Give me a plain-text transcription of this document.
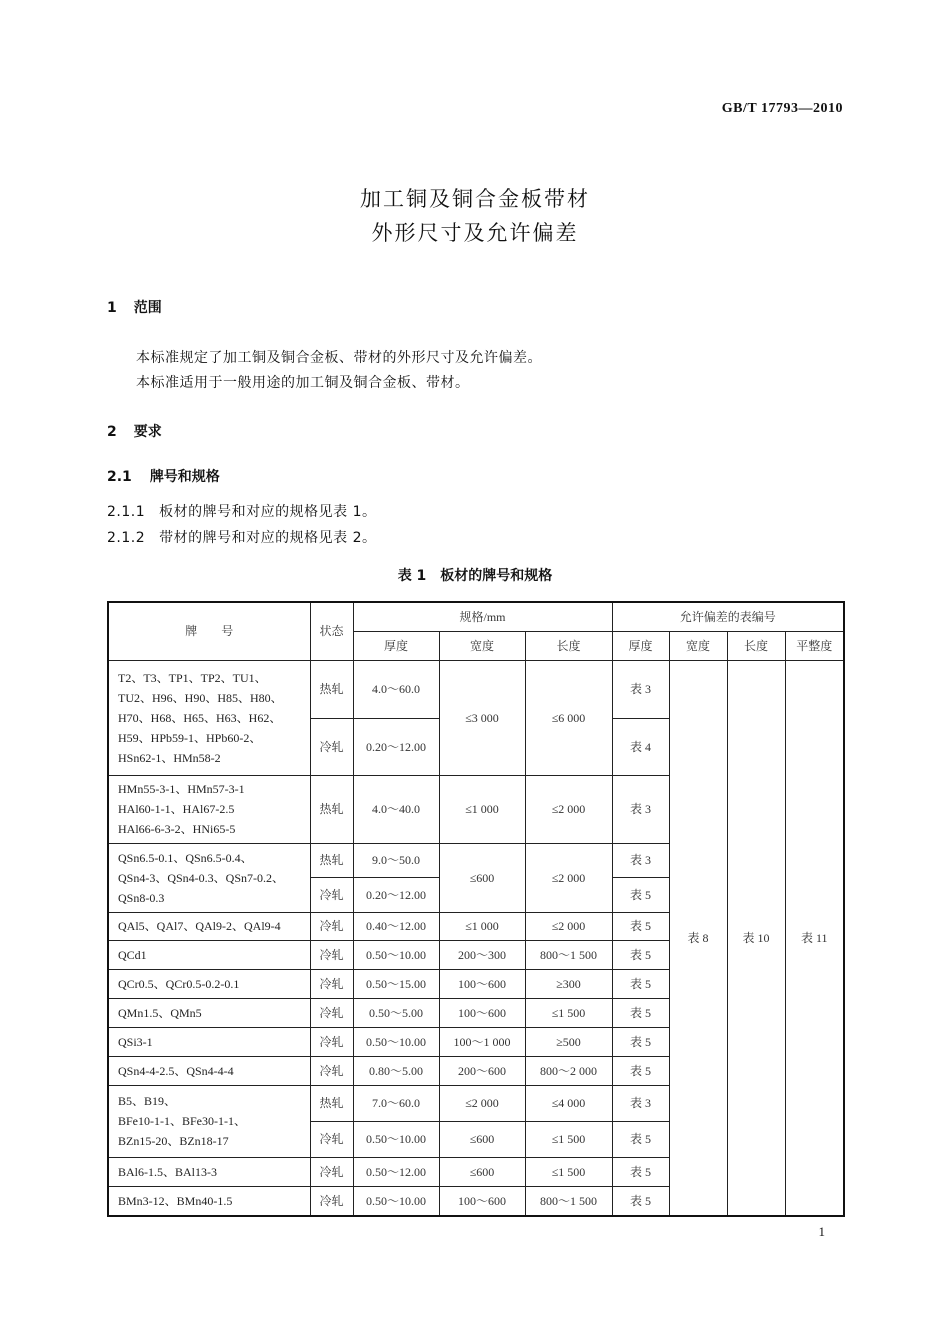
GB/T 17793—2010
加工铜及铜合金板带材
外形尺寸及允许偏差
1 范围
本标准规定了加工铜及铜合金板、带材的外形尺寸及允许偏差。
本标准适用于一般用途的加工铜及铜合金板、带材。
2 要求
2.1 牌号和规格
2.1.1 板材的牌号和对应的规格见表 1。
2.1.2 带材的牌号和对应的规格见表 2。
表 1　板材的牌号和规格
牌　　号	状态	规格/mm			允许偏差的表编号			
		厚度	宽度	长度	厚度	宽度	长度	平整度

T2、T3、TP1、TP2、TU1、
TU2、H96、H90、H85、H80、
H70、H68、H65、H63、H62、
H59、HPb59-1、HPb60-2、
HSn62-1、HMn58-2	热轧	4.0～60.0	≤3 000	≤6 000	表 3	表 8	表 10	表 11
	冷轧	0.20～12.00			表 4			

HMn55-3-1、HMn57-3-1
HAl60-1-1、HAl67-2.5
HAl66-6-3-2、HNi65-5	热轧	4.0～40.0	≤1 000	≤2 000	表 3			

QSn6.5-0.1、QSn6.5-0.4、
QSn4-3、QSn4-0.3、QSn7-0.2、
QSn8-0.3	热轧	9.0～50.0	≤600	≤2 000	表 3			
	冷轧	0.20～12.00			表 5			

QAl5、QAl7、QAl9-2、QAl9-4	冷轧	0.40～12.00	≤1 000	≤2 000	表 5			

QCd1	冷轧	0.50～10.00	200～300	800～1 500	表 5			

QCr0.5、QCr0.5-0.2-0.1	冷轧	0.50～15.00	100～600	≥300	表 5			

QMn1.5、QMn5	冷轧	0.50～5.00	100～600	≤1 500	表 5			

QSi3-1	冷轧	0.50～10.00	100～1 000	≥500	表 5			

QSn4-4-2.5、QSn4-4-4	冷轧	0.80～5.00	200～600	800～2 000	表 5			

B5、B19、
BFe10-1-1、BFe30-1-1、
BZn15-20、BZn18-17	热轧	7.0～60.0	≤2 000	≤4 000	表 3			
	冷轧	0.50～10.00	≤600	≤1 500	表 5			

BAl6-1.5、BAl13-3	冷轧	0.50～12.00	≤600	≤1 500	表 5			

BMn3-12、BMn40-1.5	冷轧	0.50～10.00	100～600	800～1 500	表 5			
1
